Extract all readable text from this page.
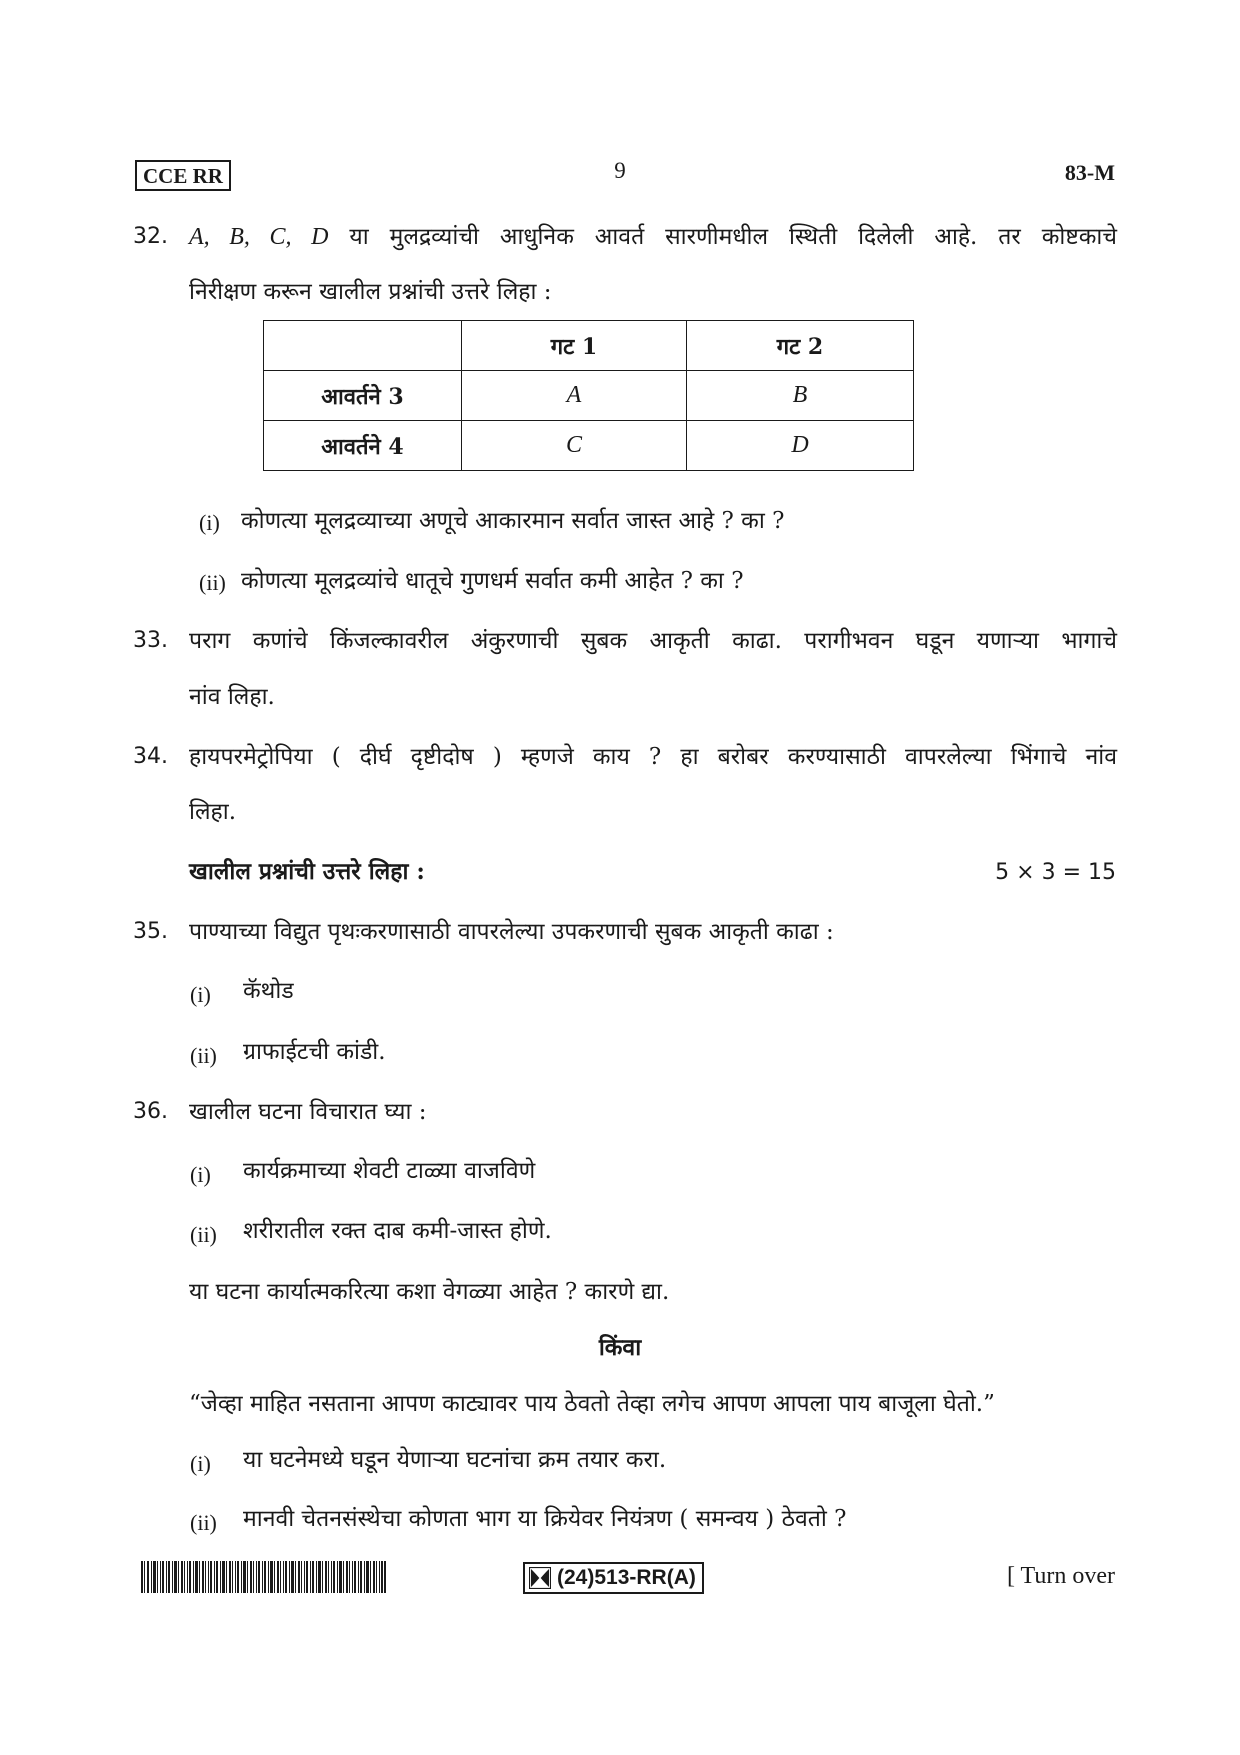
CCE RR	9	83-M
32. A, B, C, D या मुलद्रव्यांची आधुनिक आवर्त सारणीमधील स्थिती दिलेली आहे. तर कोष्टकाचे
निरीक्षण करून खालील प्रश्नांची उत्तरे लिहा :
	गट 1	गट 2
आवर्तने 3	A	B
आवर्तने 4	C	D
(i) कोणत्या मूलद्रव्याच्या अणूचे आकारमान सर्वात जास्त आहे ? का ?
(ii) कोणत्या मूलद्रव्यांचे धातूचे गुणधर्म सर्वात कमी आहेत ? का ?
33. पराग कणांचे किंजल्कावरील अंकुरणाची सुबक आकृती काढा. परागीभवन घडून यणाऱ्या भागाचे
नांव लिहा.
34. हायपरमेट्रोपिया ( दीर्घ दृष्टीदोष ) म्हणजे काय ? हा बरोबर करण्यासाठी वापरलेल्या भिंगाचे नांव
लिहा.
खालील प्रश्नांची उत्तरे लिहा :	5 × 3 = 15
35. पाण्याच्या विद्युत पृथःकरणासाठी वापरलेल्या उपकरणाची सुबक आकृती काढा :
(i) कॅथोड
(ii) ग्राफाईटची कांडी.
36. खालील घटना विचारात घ्या :
(i) कार्यक्रमाच्या शेवटी टाळ्या वाजविणे
(ii) शरीरातील रक्त दाब कमी-जास्त होणे.
या घटना कार्यात्मकरित्या कशा वेगळ्या आहेत ? कारणे द्या.
किंवा
“जेव्हा माहित नसताना आपण काट्यावर पाय ठेवतो तेव्हा लगेच आपण आपला पाय बाजूला घेतो.”
(i) या घटनेमध्ये घडून येणाऱ्या घटनांचा क्रम तयार करा.
(ii) मानवी चेतनसंस्थेचा कोणता भाग या क्रियेवर नियंत्रण ( समन्वय ) ठेवतो ?
(24)513-RR(A)	[ Turn over
